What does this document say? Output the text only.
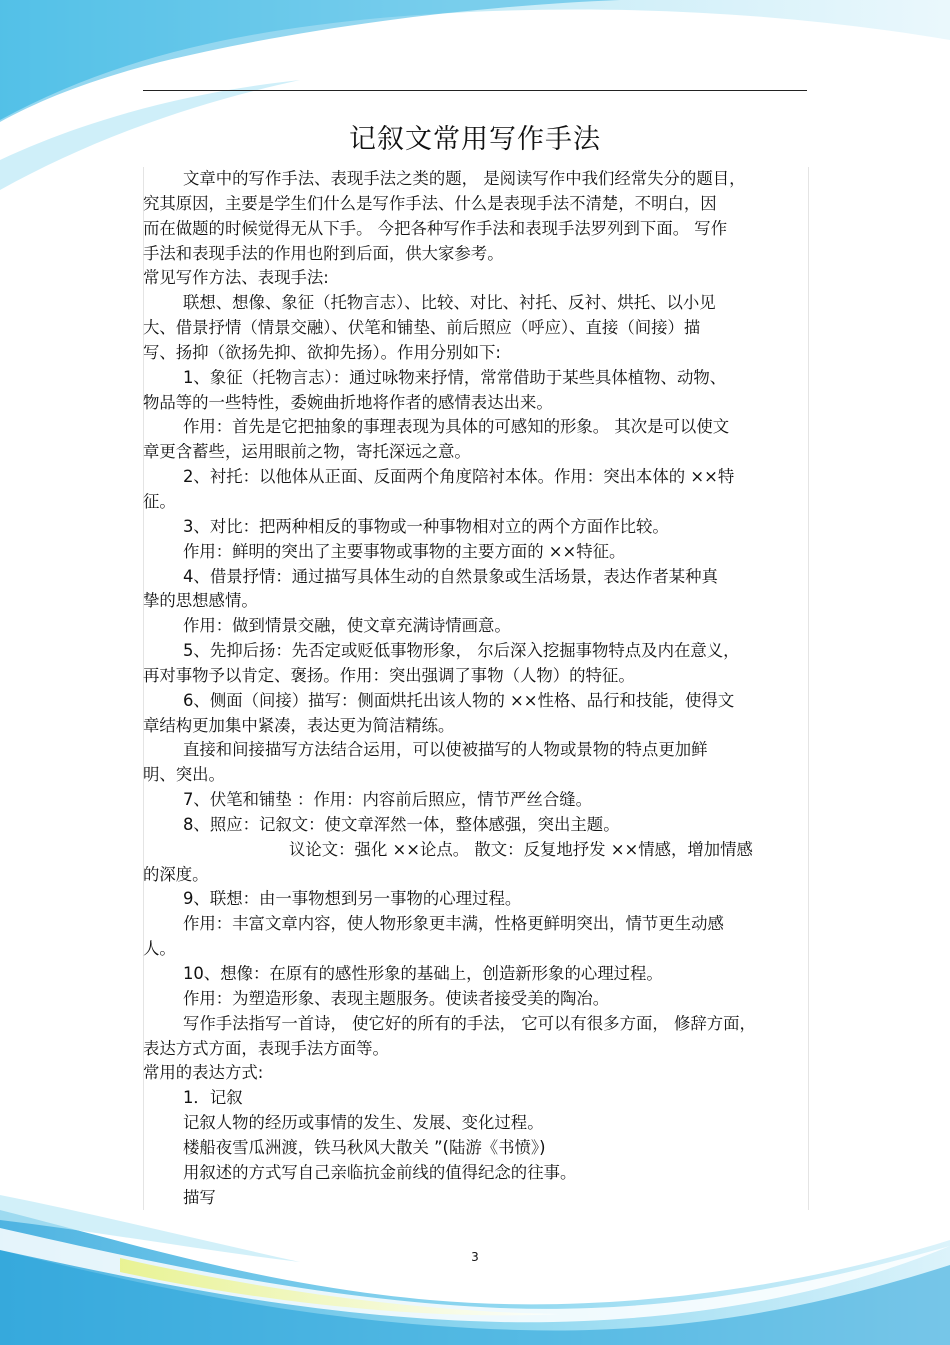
记叙文常用写作手法

文章中的写作手法、表现手法之类的题， 是阅读写作中我们经常失分的题目，

究其原因，主要是学生们什么是写作手法、什么是表现手法不清楚，不明白，因

而在做题的时候觉得无从下手。 今把各种写作手法和表现手法罗列到下面。 写作

手法和表现手法的作用也附到后面，供大家参考。

常见写作方法、表现手法:

联想、想像、象征（托物言志）、比较、对比、衬托、反衬、烘托、以小见

大、借景抒情（情景交融）、伏笔和铺垫、前后照应（呼应）、直接（间接）描

写、扬抑（欲扬先抑、欲抑先扬）。作用分别如下:

1、象征（托物言志）：通过咏物来抒情，常常借助于某些具体植物、动物、

物品等的一些特性，委婉曲折地将作者的感情表达出来。

作用：首先是它把抽象的事理表现为具体的可感知的形象。 其次是可以使文

章更含蓄些，运用眼前之物，寄托深远之意。

2、衬托：以他体从正面、反面两个角度陪衬本体。作用：突出本体的 ××特

征。

3、对比：把两种相反的事物或一种事物相对立的两个方面作比较。

作用：鲜明的突出了主要事物或事物的主要方面的 ××特征。

4、借景抒情：通过描写具体生动的自然景象或生活场景，表达作者某种真

挚的思想感情。

作用：做到情景交融，使文章充满诗情画意。

5、先抑后扬：先否定或贬低事物形象， 尔后深入挖掘事物特点及内在意义，

再对事物予以肯定、褒扬。作用：突出强调了事物（人物）的特征。

6、侧面（间接）描写：侧面烘托出该人物的 ××性格、品行和技能，使得文

章结构更加集中紧凑，表达更为简洁精练。

直接和间接描写方法结合运用，可以使被描写的人物或景物的特点更加鲜

明、突出。

7、伏笔和铺垫 ：作用：内容前后照应，情节严丝合缝。

8、照应：记叙文：使文章浑然一体，整体感强，突出主题。

议论文：强化 ××论点。 散文：反复地抒发 ××情感，增加情感

的深度。

9、联想：由一事物想到另一事物的心理过程。

作用：丰富文章内容，使人物形象更丰满，性格更鲜明突出，情节更生动感

人。

10、想像：在原有的感性形象的基础上，创造新形象的心理过程。

作用：为塑造形象、表现主题服务。使读者接受美的陶冶。

写作手法指写一首诗， 使它好的所有的手法， 它可以有很多方面， 修辞方面，

表达方式方面，表现手法方面等。

常用的表达方式:

1．记叙

记叙人物的经历或事情的发生、发展、变化过程。

楼船夜雪瓜洲渡，铁马秋风大散关 ”(陆游《书愤》)

用叙述的方式写自己亲临抗金前线的值得纪念的往事。

描写

3
